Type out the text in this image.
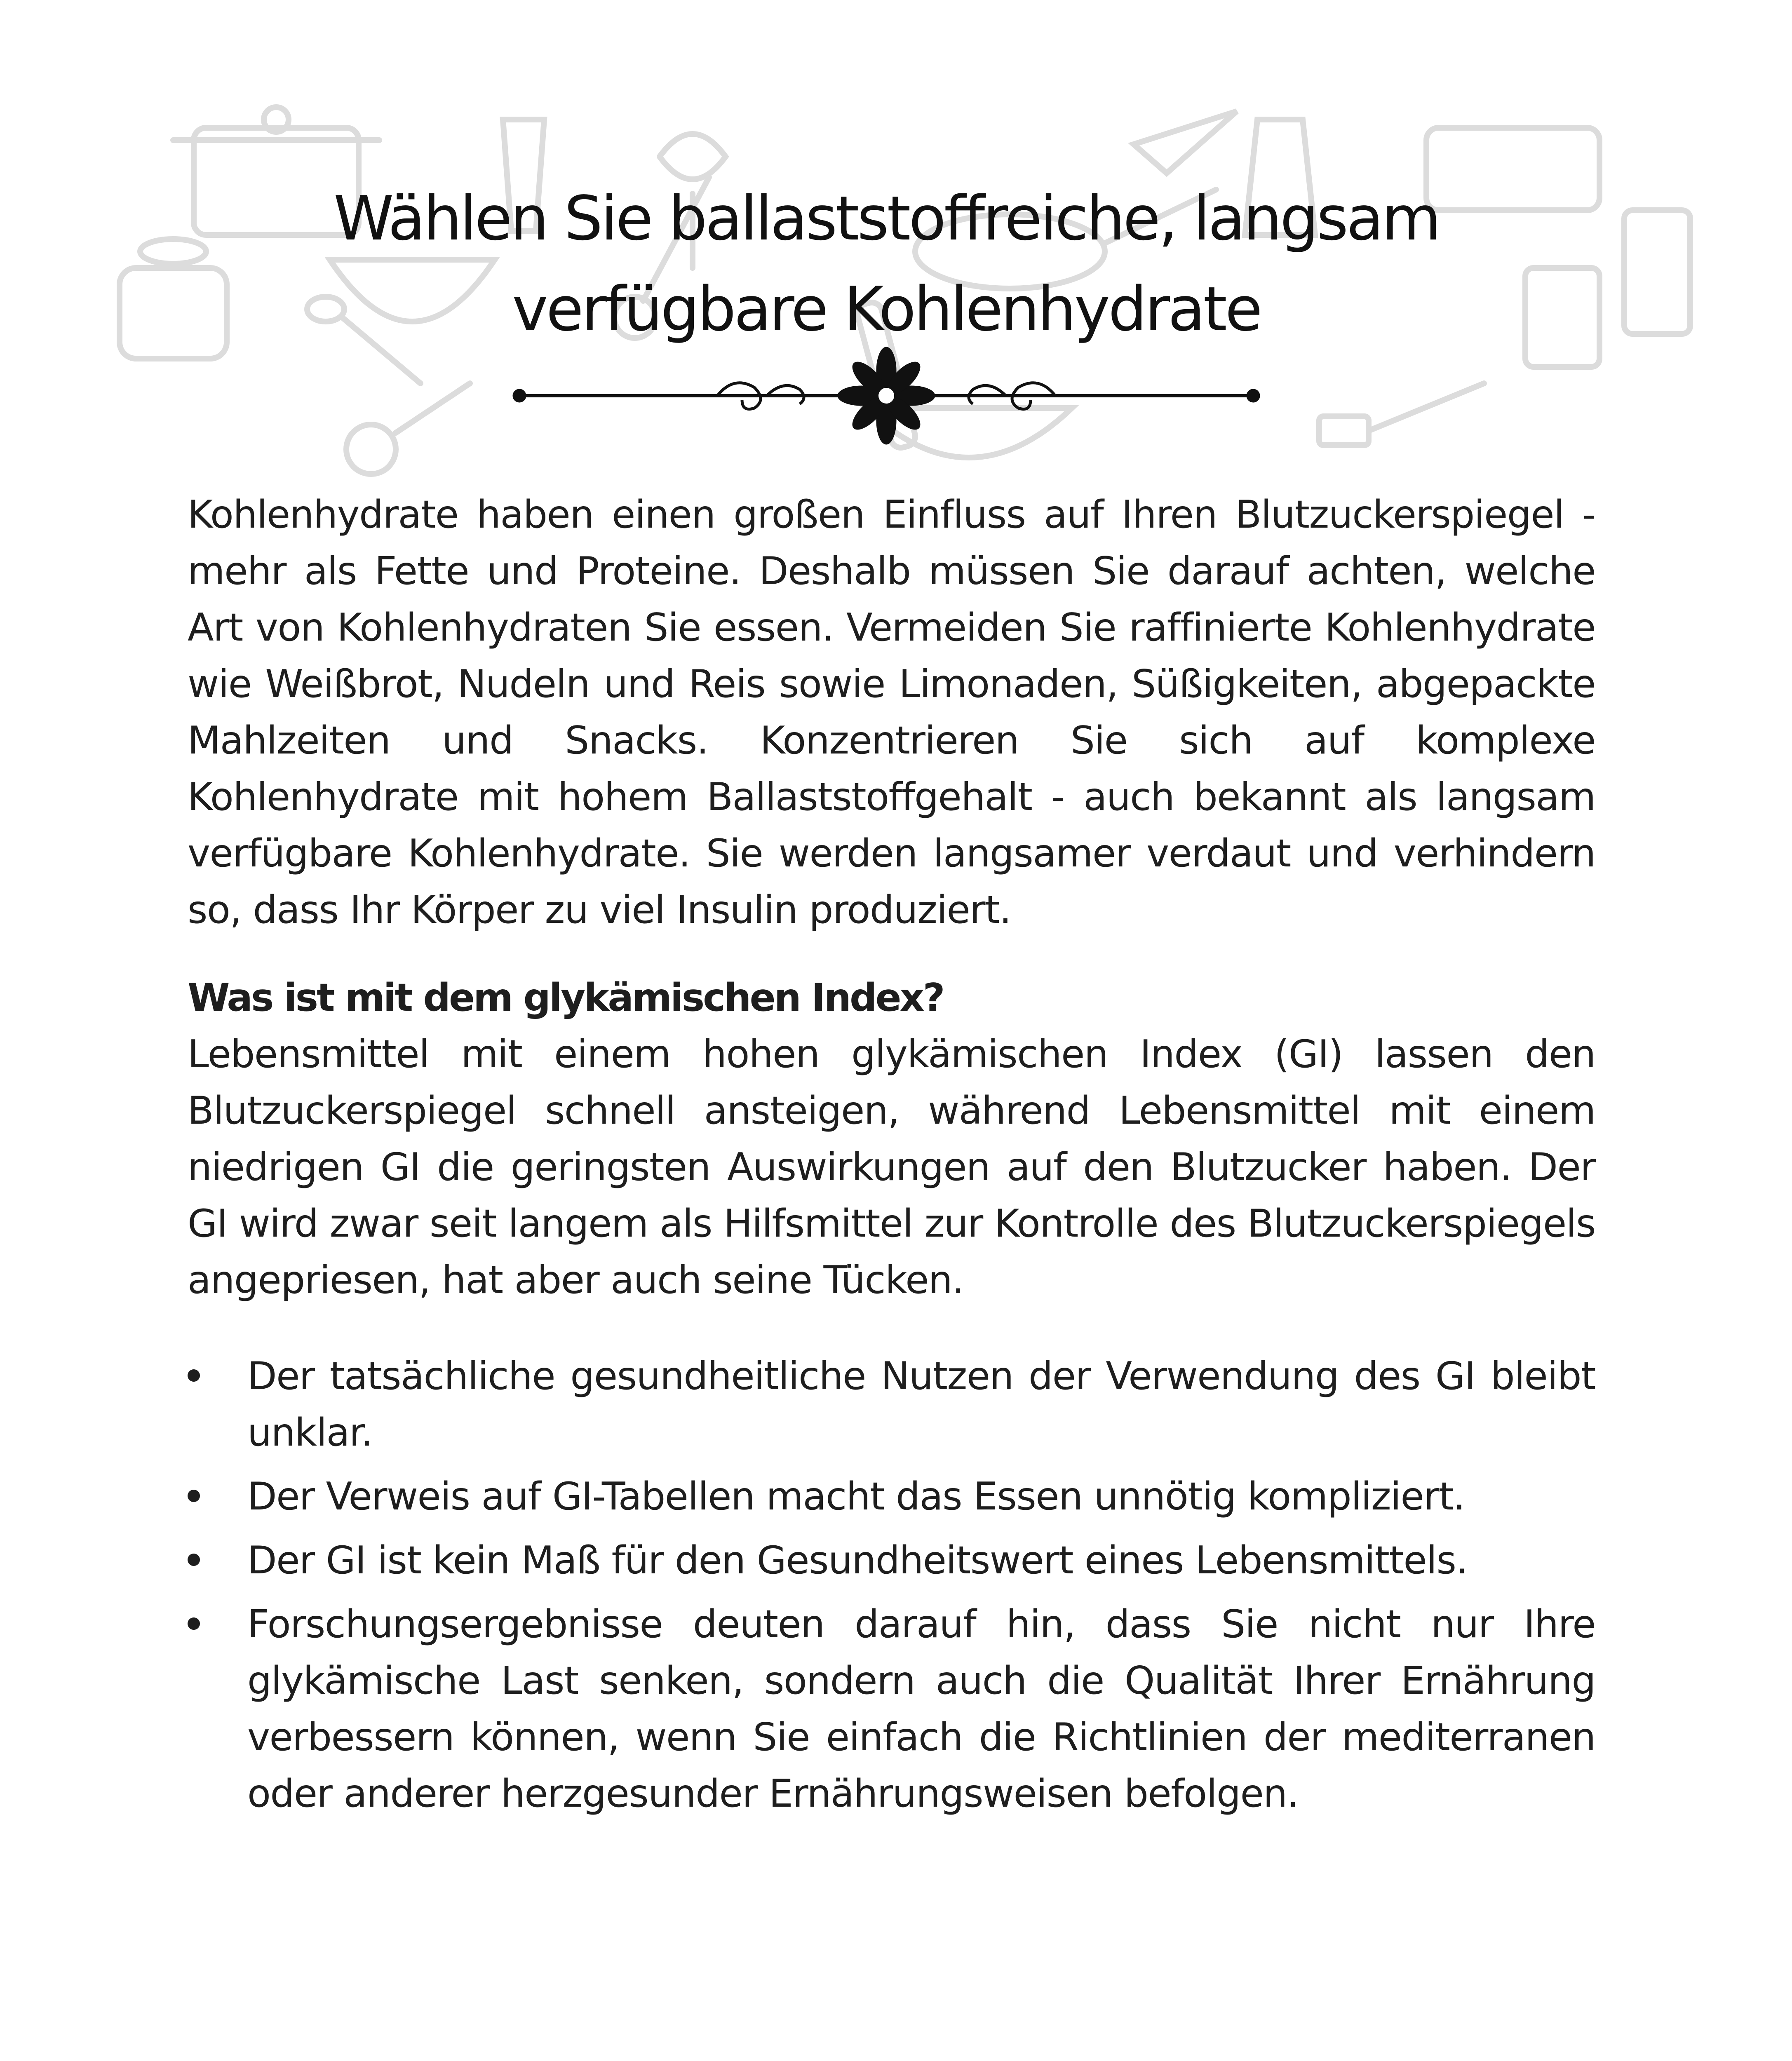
Wählen Sie ballaststoffreiche, langsam
verfügbare Kohlenhydrate

Kohlenhydrate haben einen großen Einfluss auf Ihren Blutzuckerspiegel - mehr als Fette und Proteine. Deshalb müssen Sie darauf achten, welche Art von Kohlenhydraten Sie essen. Vermeiden Sie raffinierte Kohlenhydrate wie Weißbrot, Nudeln und Reis sowie Limonaden, Süßigkeiten, abgepackte Mahlzeiten und Snacks. Konzentrieren Sie sich auf komplexe Kohlenhydrate mit hohem Ballaststoffgehalt - auch bekannt als langsam verfügbare Kohlenhydrate. Sie werden langsamer verdaut und verhindern so, dass Ihr Körper zu viel Insulin produziert.

Was ist mit dem glykämischen Index?

Lebensmittel mit einem hohen glykämischen Index (GI) lassen den Blutzuckerspiegel schnell ansteigen, während Lebensmittel mit einem niedrigen GI die geringsten Auswirkungen auf den Blutzucker haben. Der GI wird zwar seit langem als Hilfsmittel zur Kontrolle des Blutzuckerspiegels angepriesen, hat aber auch seine Tücken.

Der tatsächliche gesundheitliche Nutzen der Verwendung des GI bleibt unklar.
Der Verweis auf GI-Tabellen macht das Essen unnötig kompliziert.
Der GI ist kein Maß für den Gesundheitswert eines Lebensmittels.
Forschungsergebnisse deuten darauf hin, dass Sie nicht nur Ihre glykämische Last senken, sondern auch die Qualität Ihrer Ernährung verbessern können, wenn Sie einfach die Richtlinien der mediterranen oder anderer herzgesunder Ernährungsweisen befolgen.
